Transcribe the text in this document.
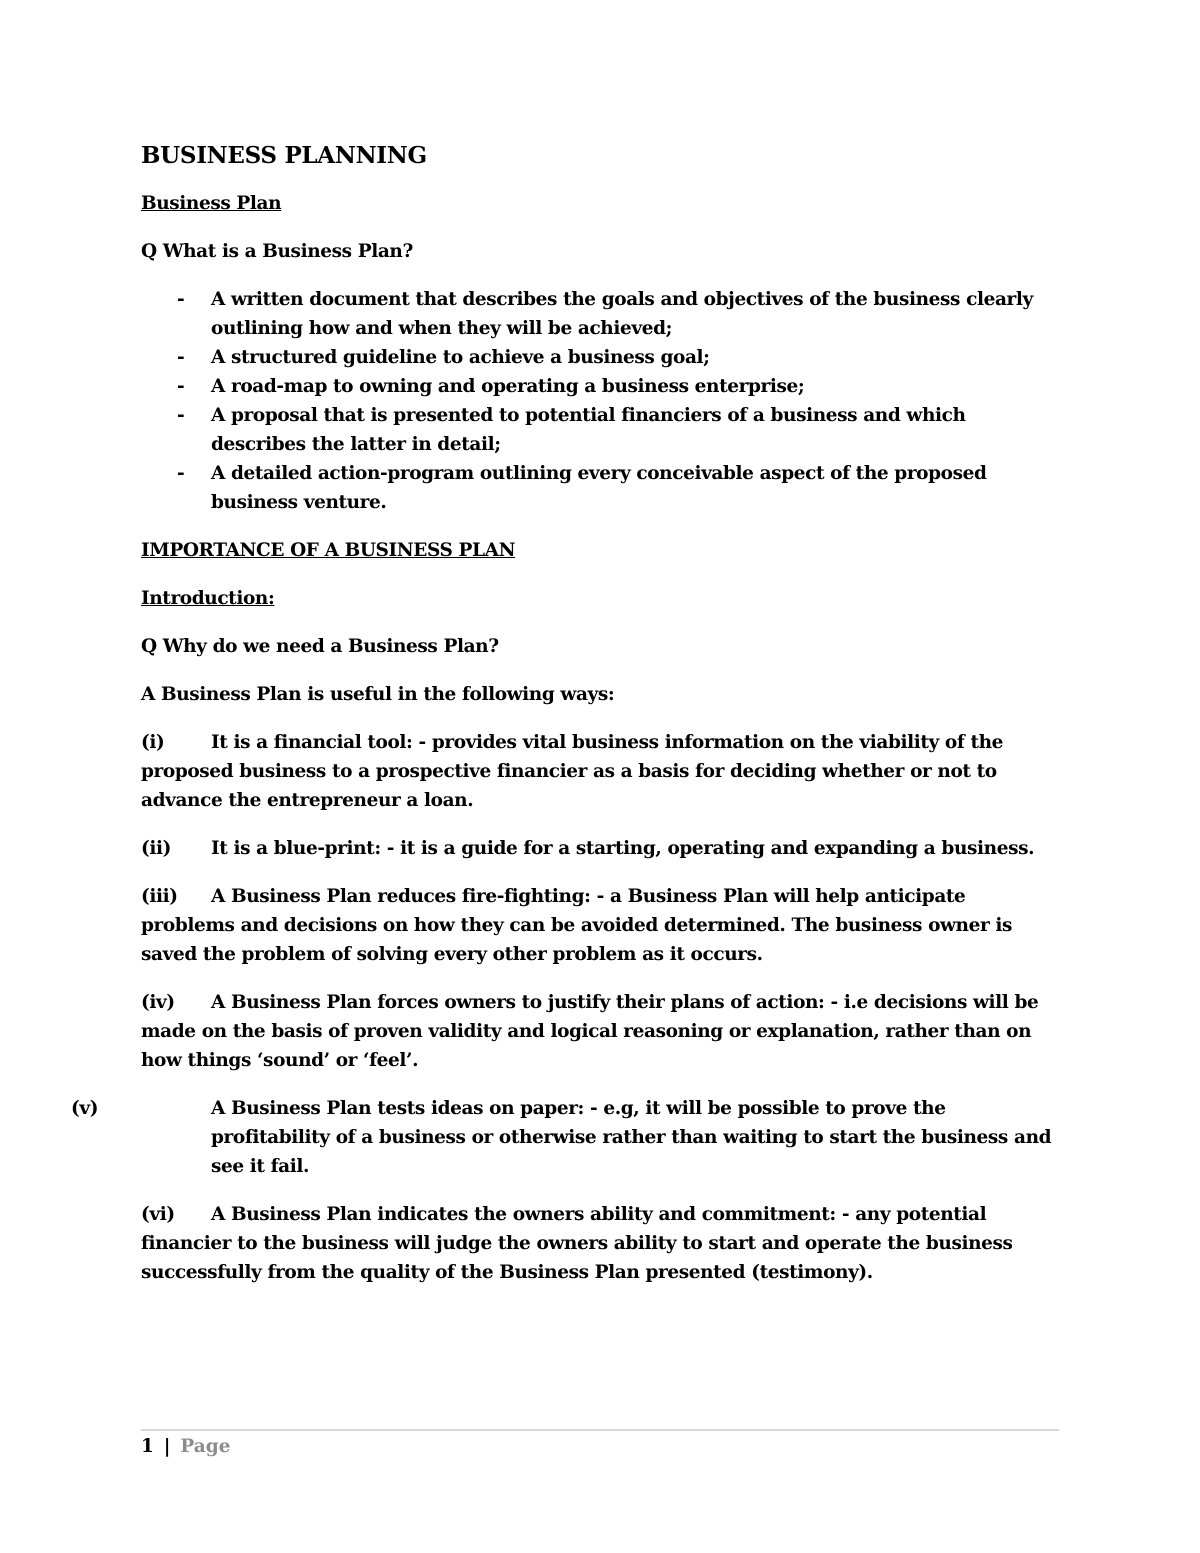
BUSINESS PLANNING
Business Plan
Q What is a Business Plan?
- A written document that describes the goals and objectives of the business clearly outlining how and when they will be achieved;
- A structured guideline to achieve a business goal;
- A road-map to owning and operating a business enterprise;
- A proposal that is presented to potential financiers of a business and which describes the latter in detail;
- A detailed action-program outlining every conceivable aspect of the proposed business venture.
IMPORTANCE OF A BUSINESS PLAN
Introduction:
Q Why do we need a Business Plan?
A Business Plan is useful in the following ways:
(i)	It is a financial tool: - provides vital business information on the viability of the proposed business to a prospective financier as a basis for deciding whether or not to advance the entrepreneur a loan.
(ii) It is a blue-print: - it is a guide for a starting, operating and expanding a business.
(iii) A Business Plan reduces fire-fighting: - a Business Plan will help anticipate problems and decisions on how they can be avoided determined. The business owner is saved the problem of solving every other problem as it occurs.
(iv) A Business Plan forces owners to justify their plans of action: - i.e decisions will be made on the basis of proven validity and logical reasoning or explanation, rather than on how things ‘sound’ or ‘feel’.
(v)	A Business Plan tests ideas on paper: - e.g, it will be possible to prove the profitability of a business or otherwise rather than waiting to start the business and see it fail.
(vi) A Business Plan indicates the owners ability and commitment: - any potential financier to the business will judge the owners ability to start and operate the business successfully from the quality of the Business Plan presented (testimony).
1 | Page
